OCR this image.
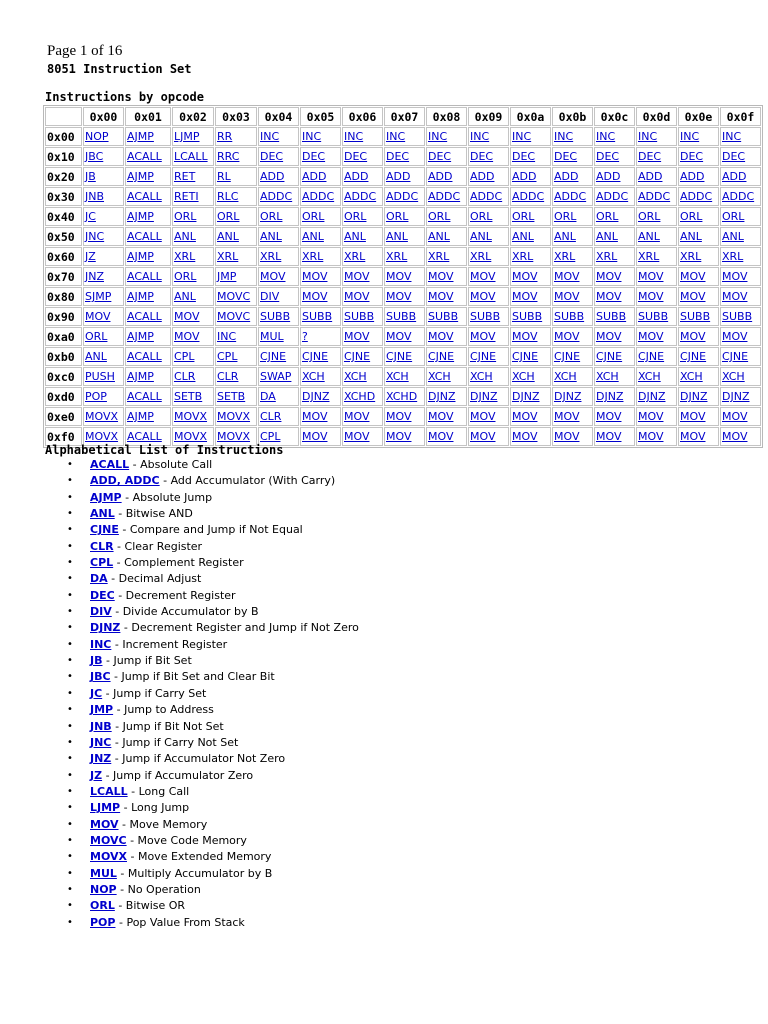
Page 1 of 16
8051 Instruction Set
Instructions by opcode
	0x00	0x01	0x02	0x03	0x04	0x05	0x06	0x07	0x08	0x09	0x0a	0x0b	0x0c	0x0d	0x0e	0x0f
0x00	NOP	AJMP	LJMP	RR	INC	INC	INC	INC	INC	INC	INC	INC	INC	INC	INC	INC
0x10	JBC	ACALL	LCALL	RRC	DEC	DEC	DEC	DEC	DEC	DEC	DEC	DEC	DEC	DEC	DEC	DEC
0x20	JB	AJMP	RET	RL	ADD	ADD	ADD	ADD	ADD	ADD	ADD	ADD	ADD	ADD	ADD	ADD
0x30	JNB	ACALL	RETI	RLC	ADDC	ADDC	ADDC	ADDC	ADDC	ADDC	ADDC	ADDC	ADDC	ADDC	ADDC	ADDC
0x40	JC	AJMP	ORL	ORL	ORL	ORL	ORL	ORL	ORL	ORL	ORL	ORL	ORL	ORL	ORL	ORL
0x50	JNC	ACALL	ANL	ANL	ANL	ANL	ANL	ANL	ANL	ANL	ANL	ANL	ANL	ANL	ANL	ANL
0x60	JZ	AJMP	XRL	XRL	XRL	XRL	XRL	XRL	XRL	XRL	XRL	XRL	XRL	XRL	XRL	XRL
0x70	JNZ	ACALL	ORL	JMP	MOV	MOV	MOV	MOV	MOV	MOV	MOV	MOV	MOV	MOV	MOV	MOV
0x80	SJMP	AJMP	ANL	MOVC	DIV	MOV	MOV	MOV	MOV	MOV	MOV	MOV	MOV	MOV	MOV	MOV
0x90	MOV	ACALL	MOV	MOVC	SUBB	SUBB	SUBB	SUBB	SUBB	SUBB	SUBB	SUBB	SUBB	SUBB	SUBB	SUBB
0xa0	ORL	AJMP	MOV	INC	MUL	?	MOV	MOV	MOV	MOV	MOV	MOV	MOV	MOV	MOV	MOV
0xb0	ANL	ACALL	CPL	CPL	CJNE	CJNE	CJNE	CJNE	CJNE	CJNE	CJNE	CJNE	CJNE	CJNE	CJNE	CJNE
0xc0	PUSH	AJMP	CLR	CLR	SWAP	XCH	XCH	XCH	XCH	XCH	XCH	XCH	XCH	XCH	XCH	XCH
0xd0	POP	ACALL	SETB	SETB	DA	DJNZ	XCHD	XCHD	DJNZ	DJNZ	DJNZ	DJNZ	DJNZ	DJNZ	DJNZ	DJNZ
0xe0	MOVX	AJMP	MOVX	MOVX	CLR	MOV	MOV	MOV	MOV	MOV	MOV	MOV	MOV	MOV	MOV	MOV
0xf0	MOVX	ACALL	MOVX	MOVX	CPL	MOV	MOV	MOV	MOV	MOV	MOV	MOV	MOV	MOV	MOV	MOV
Alphabetical List of Instructions
• ACALL - Absolute Call
• ADD, ADDC - Add Accumulator (With Carry)
• AJMP - Absolute Jump
• ANL - Bitwise AND
• CJNE - Compare and Jump if Not Equal
• CLR - Clear Register
• CPL - Complement Register
• DA - Decimal Adjust
• DEC - Decrement Register
• DIV - Divide Accumulator by B
• DJNZ - Decrement Register and Jump if Not Zero
• INC - Increment Register
• JB - Jump if Bit Set
• JBC - Jump if Bit Set and Clear Bit
• JC - Jump if Carry Set
• JMP - Jump to Address
• JNB - Jump if Bit Not Set
• JNC - Jump if Carry Not Set
• JNZ - Jump if Accumulator Not Zero
• JZ - Jump if Accumulator Zero
• LCALL - Long Call
• LJMP - Long Jump
• MOV - Move Memory
• MOVC - Move Code Memory
• MOVX - Move Extended Memory
• MUL - Multiply Accumulator by B
• NOP - No Operation
• ORL - Bitwise OR
• POP - Pop Value From Stack
